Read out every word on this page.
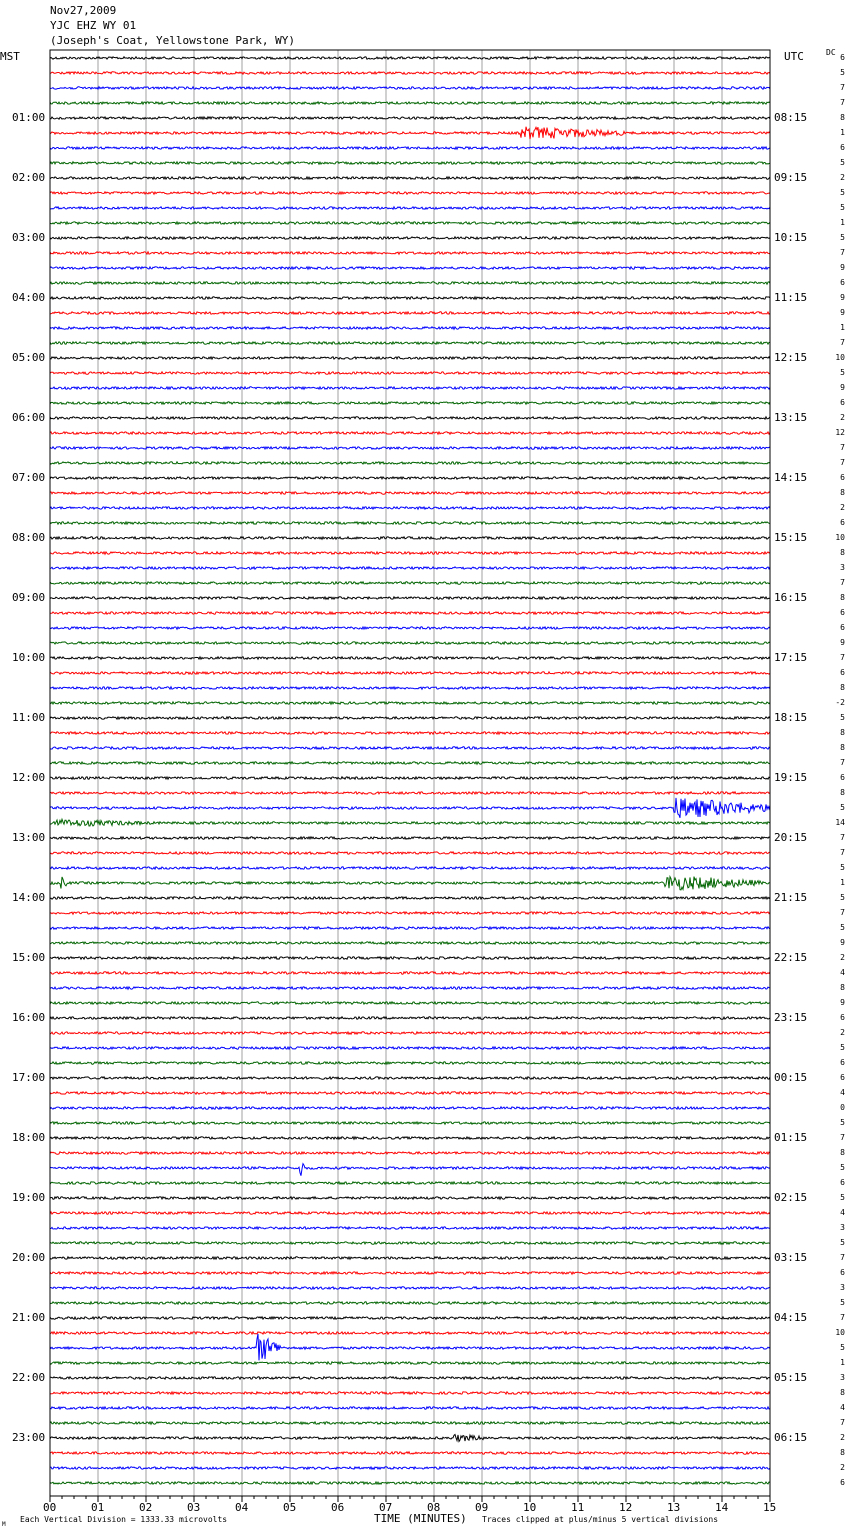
Nov27,2009
YJC EHZ WY 01
(Joseph's Coat, Yellowstone Park, WY)
MST	UTC	DC
01:00
02:00
03:00
04:00
05:00
06:00
07:00
08:00
09:00
10:00
11:00
12:00
13:00
14:00
15:00
16:00
17:00
18:00
19:00
20:00
21:00
22:00
23:00
08:15
09:15
10:15
11:15
12:15
13:15
14:15
15:15
16:15
17:15
18:15
19:15
20:15
21:15
22:15
23:15
00:15
01:15
02:15
03:15
04:15
05:15
06:15
6
5
7
7
8
1
6
5
2
5
5
1
5
7
9
6
9
9
1
7
10
5
9
6
2
12
7
7
6
8
2
6
10
8
3
7
8
6
6
9
7
6
8
-2
5
8
8
7
6
8
5
14
7
7
5
1
5
7
5
9
2
4
8
9
6
2
5
6
6
4
0
5
7
8
5
6
5
4
3
5
7
6
3
5
7
10
5
1
3
8
4
7
2
8
2
6
00	01	02	03	04	05	06	07	08	09	10	11	12	13	14	15
Each Vertical Division = 1333.33 microvolts	TIME (MINUTES) Traces clipped at plus/minus 5 vertical divisions
M
